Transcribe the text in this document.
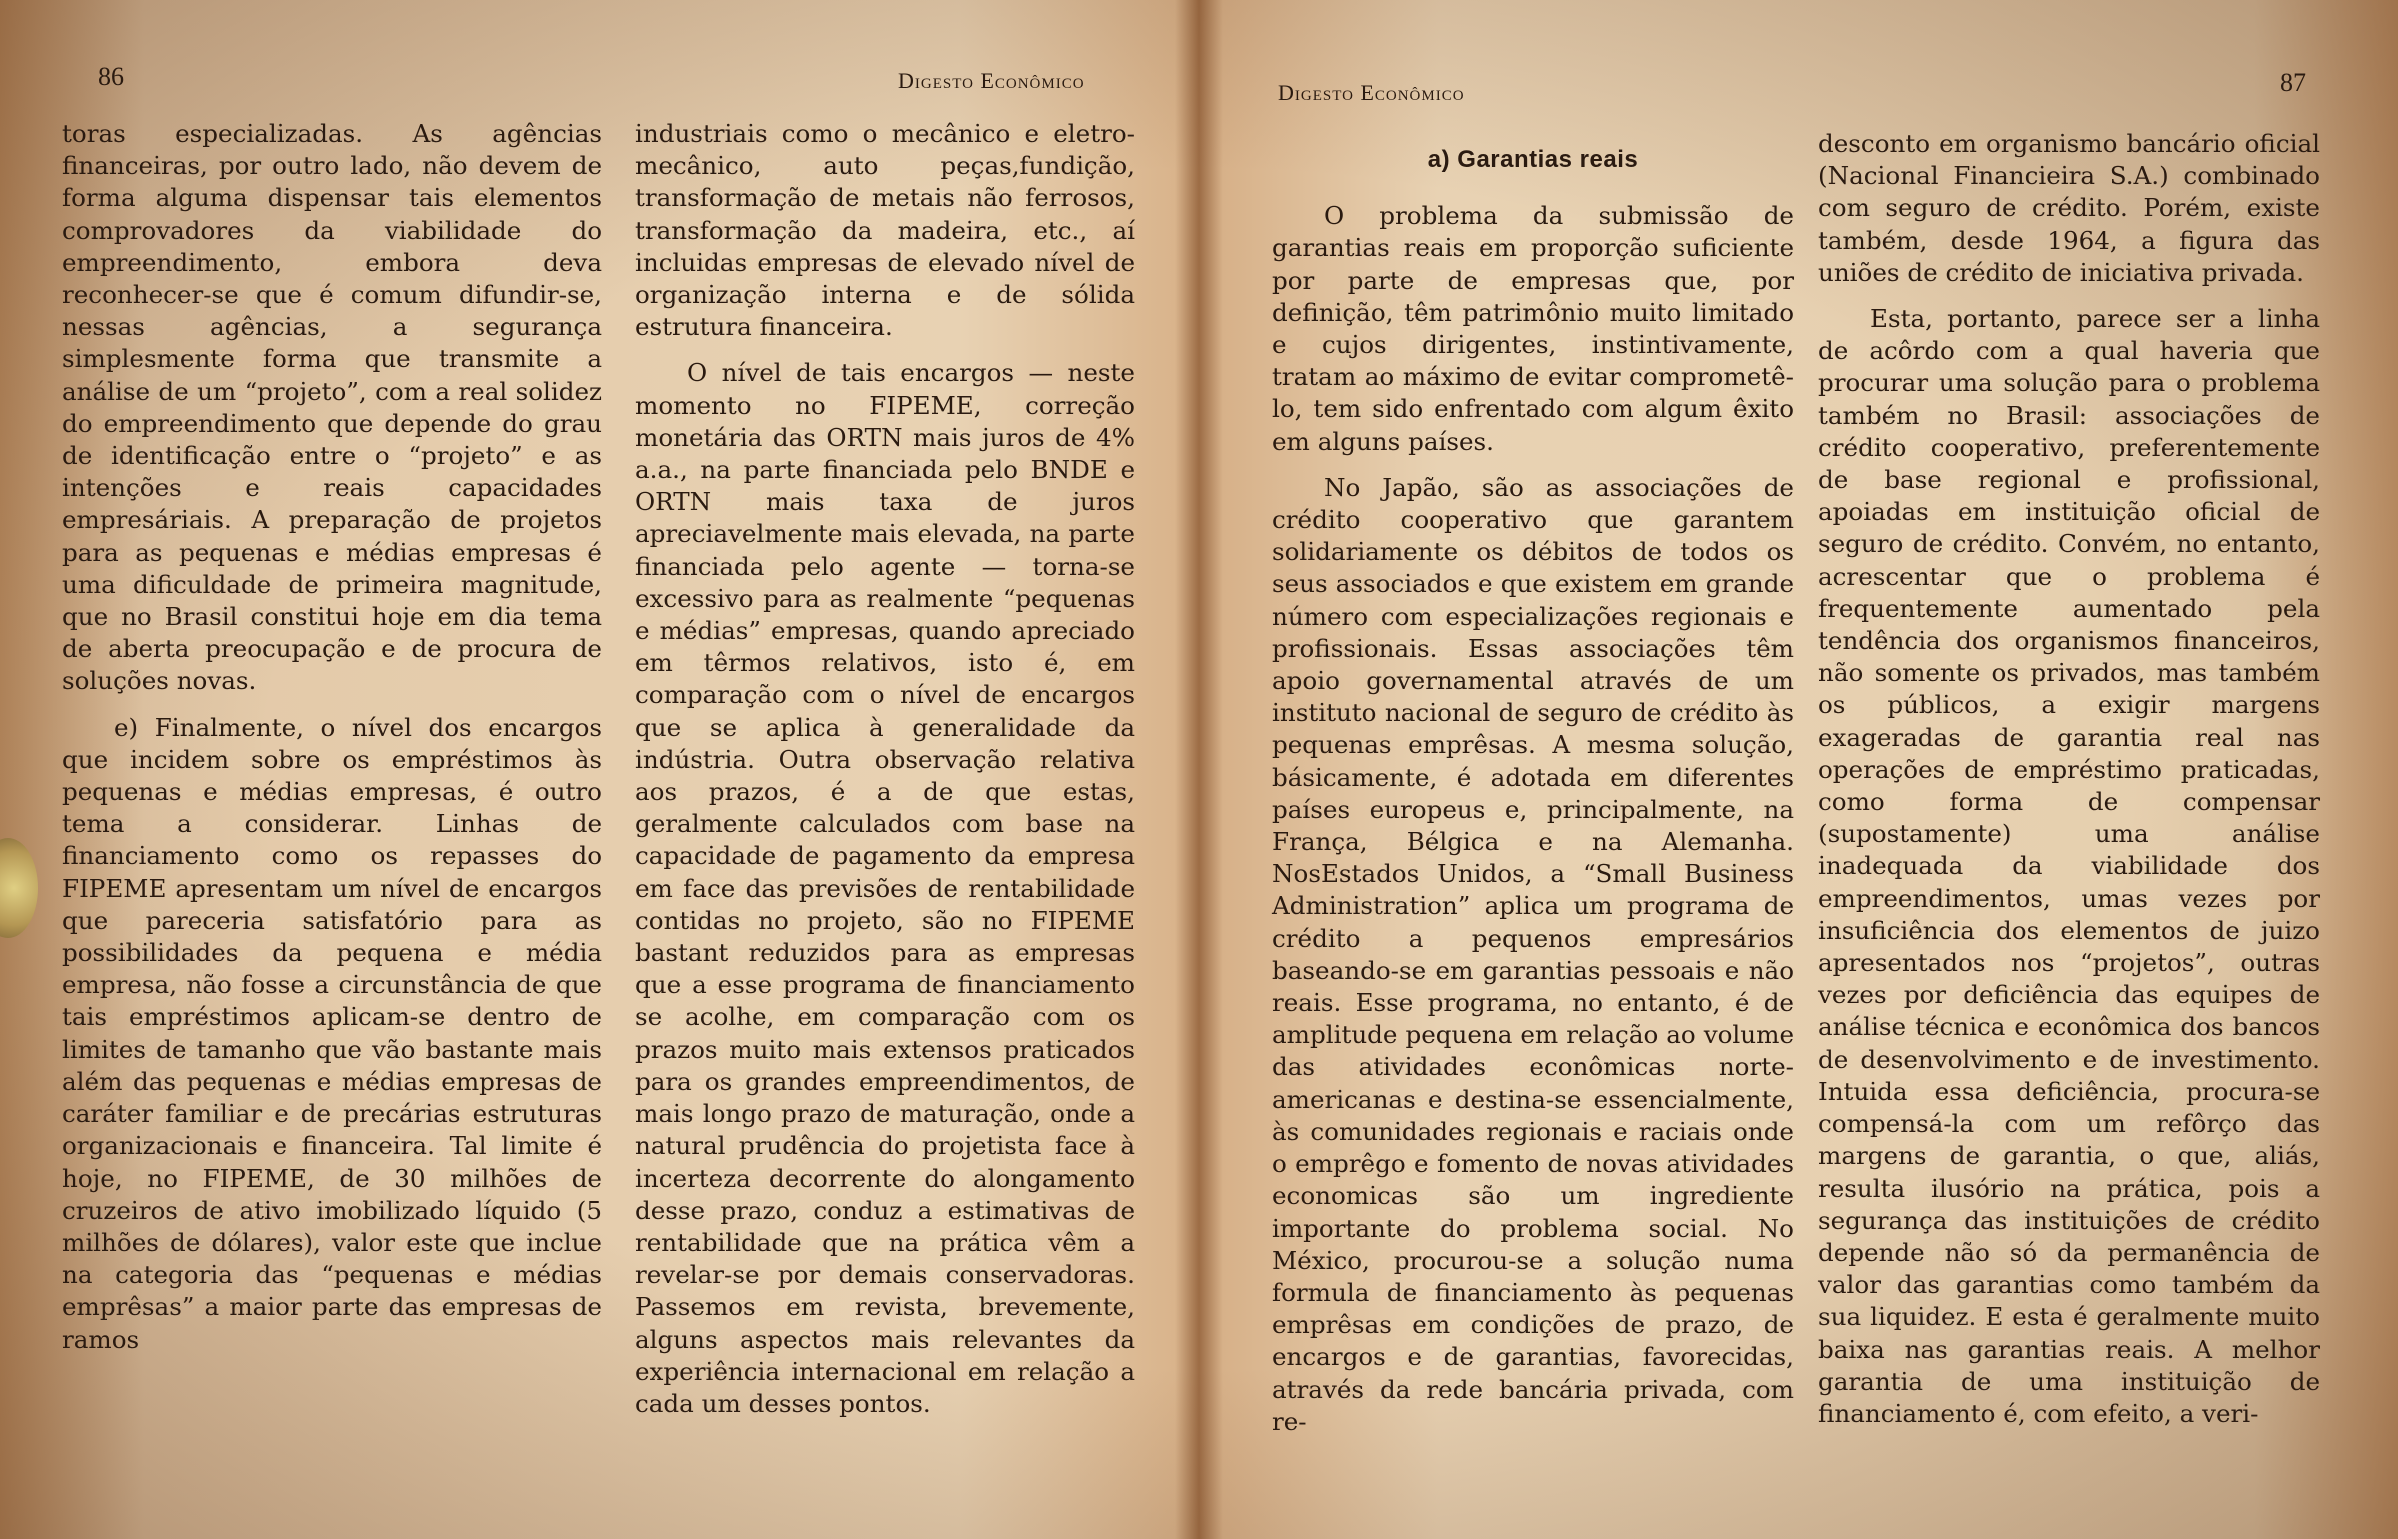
86	Digesto Econômico

toras especializadas. As agências financeiras, por outro lado, não devem de forma alguma dispensar tais elementos comprovadores da viabilidade do empreendimento, embora deva reconhecer-se que é comum difundir-se, nessas agências, a segurança simplesmente forma que transmite a análise de um “projeto”, com a real solidez do empreendimento que depende do grau de identificação entre o “projeto” e as intenções e reais capacidades empresáriais. A preparação de projetos para as pequenas e médias empresas é uma dificuldade de primeira magnitude, que no Brasil constitui hoje em dia tema de aberta preocupação e de procura de soluções novas.

e) Finalmente, o nível dos encargos que incidem sobre os empréstimos às pequenas e médias empresas, é outro tema a considerar. Linhas de financiamento como os repasses do FIPEME apresentam um nível de encargos que pareceria satisfatório para as possibilidades da pequena e média empresa, não fosse a circunstância de que tais empréstimos aplicam-se dentro de limites de tamanho que vão bastante mais além das pequenas e médias empresas de caráter familiar e de precárias estruturas organizacionais e financeira. Tal limite é hoje, no FIPEME, de 30 milhões de cruzeiros de ativo imobilizado líquido (5 milhões de dólares), valor este que inclue na categoria das “pequenas e médias emprêsas” a maior parte das empresas de ramos

industriais como o mecânico e eletro-mecânico, auto peças,fundição, transformação de metais não ferrosos, transformação da madeira, etc., aí incluidas empresas de elevado nível de organização interna e de sólida estrutura financeira.

O nível de tais encargos — neste momento no FIPEME, correção monetária das ORTN mais juros de 4% a.a., na parte financiada pelo BNDE e ORTN mais taxa de juros apreciavelmente mais elevada, na parte financiada pelo agente — torna-se excessivo para as realmente “pequenas e médias” empresas, quando apreciado em têrmos relativos, isto é, em comparação com o nível de encargos que se aplica à generalidade da indústria. Outra observação relativa aos prazos, é a de que estas, geralmente calculados com base na capacidade de pagamento da empresa em face das previsões de rentabilidade contidas no projeto, são no FIPEME bastant reduzidos para as empresas que a esse programa de financiamento se acolhe, em comparação com os prazos muito mais extensos praticados para os grandes empreendimentos, de mais longo prazo de maturação, onde a natural prudência do projetista face à incerteza decorrente do alongamento desse prazo, conduz a estimativas de rentabilidade que na prática vêm a revelar-se por demais conservadoras. Passemos em revista, brevemente, alguns aspectos mais relevantes da experiência internacional em relação a cada um desses pontos.

Digesto Econômico	87

a) Garantias reais

O problema da submissão de garantias reais em proporção suficiente por parte de empresas que, por definição, têm patrimônio muito limitado e cujos dirigentes, instintivamente, tratam ao máximo de evitar comprometê-lo, tem sido enfrentado com algum êxito em alguns países.

No Japão, são as associações de crédito cooperativo que garantem solidariamente os débitos de todos os seus associados e que existem em grande número com especializações regionais e profissionais. Essas associações têm apoio governamental através de um instituto nacional de seguro de crédito às pequenas emprêsas. A mesma solução, básicamente, é adotada em diferentes países europeus e, principalmente, na França, Bélgica e na Alemanha. NosEstados Unidos, a “Small Business Administration” aplica um programa de crédito a pequenos empresários baseando-se em garantias pessoais e não reais. Esse programa, no entanto, é de amplitude pequena em relação ao volume das atividades econômicas norte-americanas e destina-se essencialmente, às comunidades regionais e raciais onde o emprêgo e fomento de novas atividades economicas são um ingrediente importante do problema social. No México, procurou-se a solução numa formula de financiamento às pequenas emprêsas em condições de prazo, de encargos e de garantias, favorecidas, através da rede bancária privada, com re-

desconto em organismo bancário oficial (Nacional Financieira S.A.) combinado com seguro de crédito. Porém, existe também, desde 1964, a figura das uniões de crédito de iniciativa privada.

Esta, portanto, parece ser a linha de acôrdo com a qual haveria que procurar uma solução para o problema também no Brasil: associações de crédito cooperativo, preferentemente de base regional e profissional, apoiadas em instituição oficial de seguro de crédito. Convém, no entanto, acrescentar que o problema é frequentemente aumentado pela tendência dos organismos financeiros, não somente os privados, mas também os públicos, a exigir margens exageradas de garantia real nas operações de empréstimo praticadas, como forma de compensar (supostamente) uma análise inadequada da viabilidade dos empreendimentos, umas vezes por insuficiência dos elementos de juizo apresentados nos “projetos”, outras vezes por deficiência das equipes de análise técnica e econômica dos bancos de desenvolvimento e de investimento. Intuida essa deficiência, procura-se compensá-la com um refôrço das margens de garantia, o que, aliás, resulta ilusório na prática, pois a segurança das instituições de crédito depende não só da permanência de valor das garantias como também da sua liquidez. E esta é geralmente muito baixa nas garantias reais. A melhor garantia de uma instituição de financiamento é, com efeito, a veri-
